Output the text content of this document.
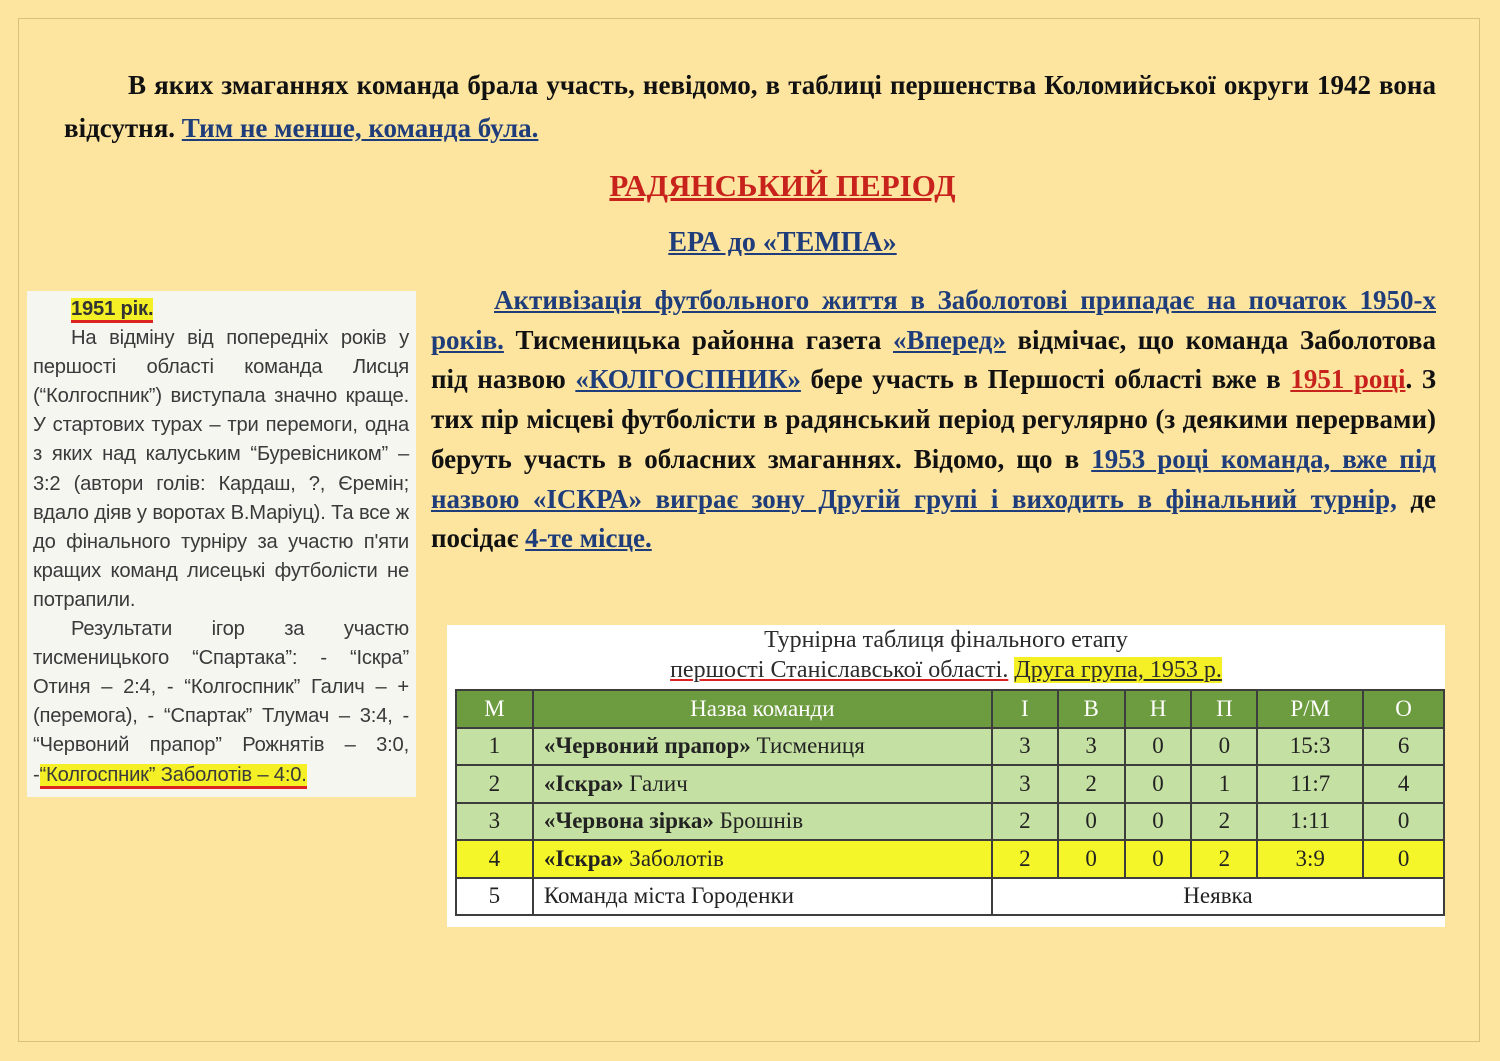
В яких змаганнях команда брала участь, невідомо, в таблиці першенства Коломийської округи 1942 вона відсутня. Тим не менше, команда була.
РАДЯНСЬКИЙ ПЕРІОД
ЕРА до «ТЕМПА»
Активізація футбольного життя в Заболотові припадає на початок 1950-х років. Тисменицька районна газета «Вперед» відмічає, що команда Заболотова під назвою «КОЛГОСПНИК» бере участь в Першості області вже в 1951 році. З тих пір місцеві футболісти в радянський період регулярно (з деякими перервами) беруть участь в обласних змаганнях. Відомо, що в 1953 році команда, вже під назвою «ІСКРА» виграє зону Другій групі і виходить в фінальний турнір, де посідає 4-те місце.

1951 рік.

На відміну від попередніх років у першості області команда Лисця (“Колгоспник”) виступала значно краще. У стартових турах – три перемоги, одна з яких над калуським “Буревісником” – 3:2 (автори голів: Кардаш, ?, Єремін; вдало діяв у воротах В.Маріуц). Та все ж до фінального турніру за участю п'яти кращих команд лисецькі футболісти не потрапили.

Результати ігор за участю тисменицького “Спартака”: - “Іскра” Отиня – 2:4, - “Колгоспник” Галич – + (перемога), - “Спартак” Тлумач – 3:4, - “Червоний прапор” Рожнятів – 3:0, -“Колгоспник” Заболотів – 4:0.

Турнірна таблиця фінального етапу
першості Станіславської області. Друга група, 1953 р.
М	Назва команди	І	В	Н	П	Р/М	О
1	«Червоний прапор» Тисмениця	3	3	0	0	15:3	6
2	«Іскра» Галич	3	2	0	1	11:7	4
3	«Червона зірка» Брошнів	2	0	0	2	1:11	0
4	«Іскра» Заболотів	2	0	0	2	3:9	0
5	Команда міста Городенки	Неявка					
